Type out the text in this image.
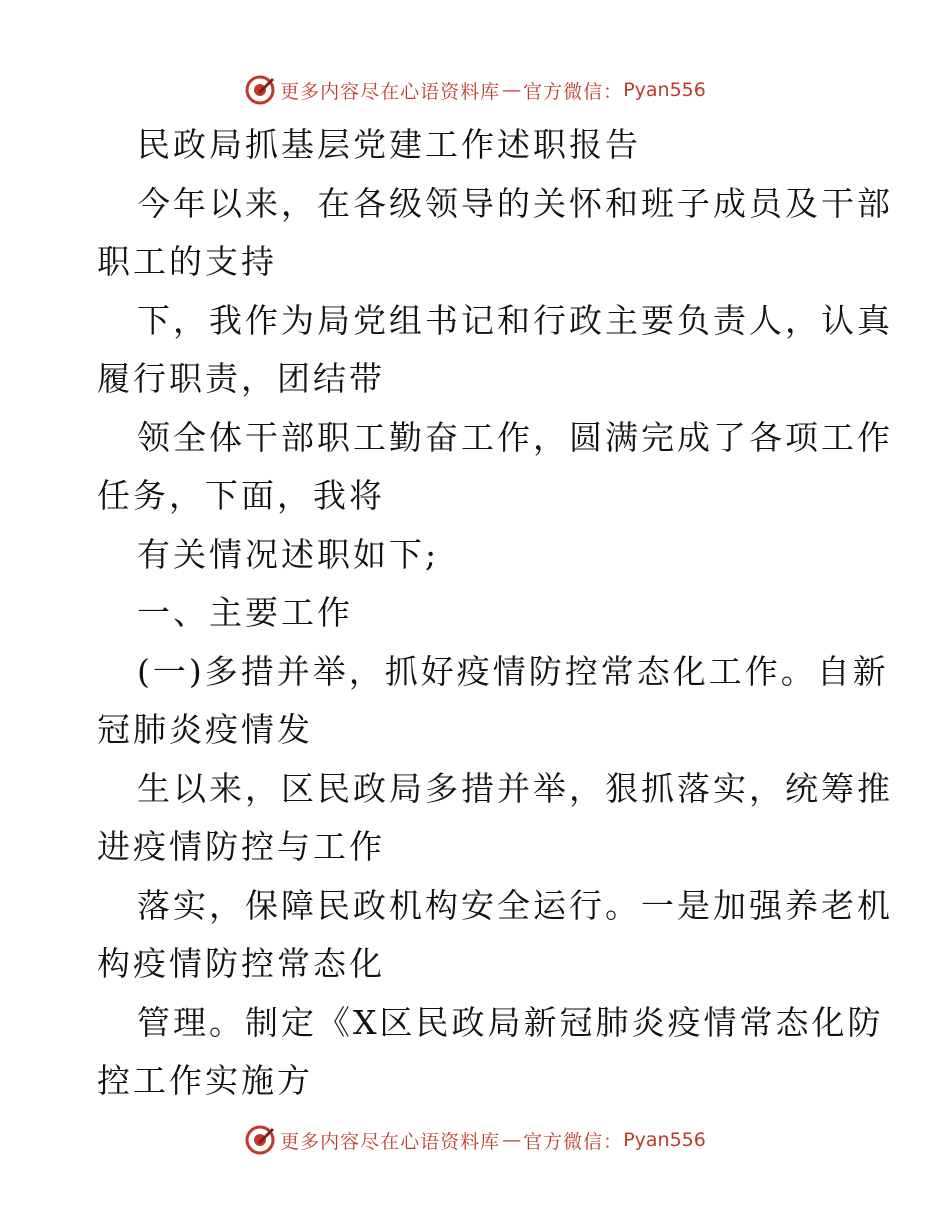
更多内容尽在心语资料库 — 官方微信： Pyan556
民政局抓基层党建工作述职报告
今年以来，在各级领导的关怀和班子成员及干部
职工的支持
下，我作为局党组书记和行政主要负责人，认真
履行职责，团结带
领全体干部职工勤奋工作，圆满完成了各项工作
任务，下面，我将
有关情况述职如下;
一、主要工作
(一)多措并举，抓好疫情防控常态化工作。自新
冠肺炎疫情发
生以来，区民政局多措并举，狠抓落实，统筹推
进疫情防控与工作
落实，保障民政机构安全运行。一是加强养老机
构疫情防控常态化
管理。制定《X区民政局新冠肺炎疫情常态化防
控工作实施方
更多内容尽在心语资料库 — 官方微信： Pyan556
